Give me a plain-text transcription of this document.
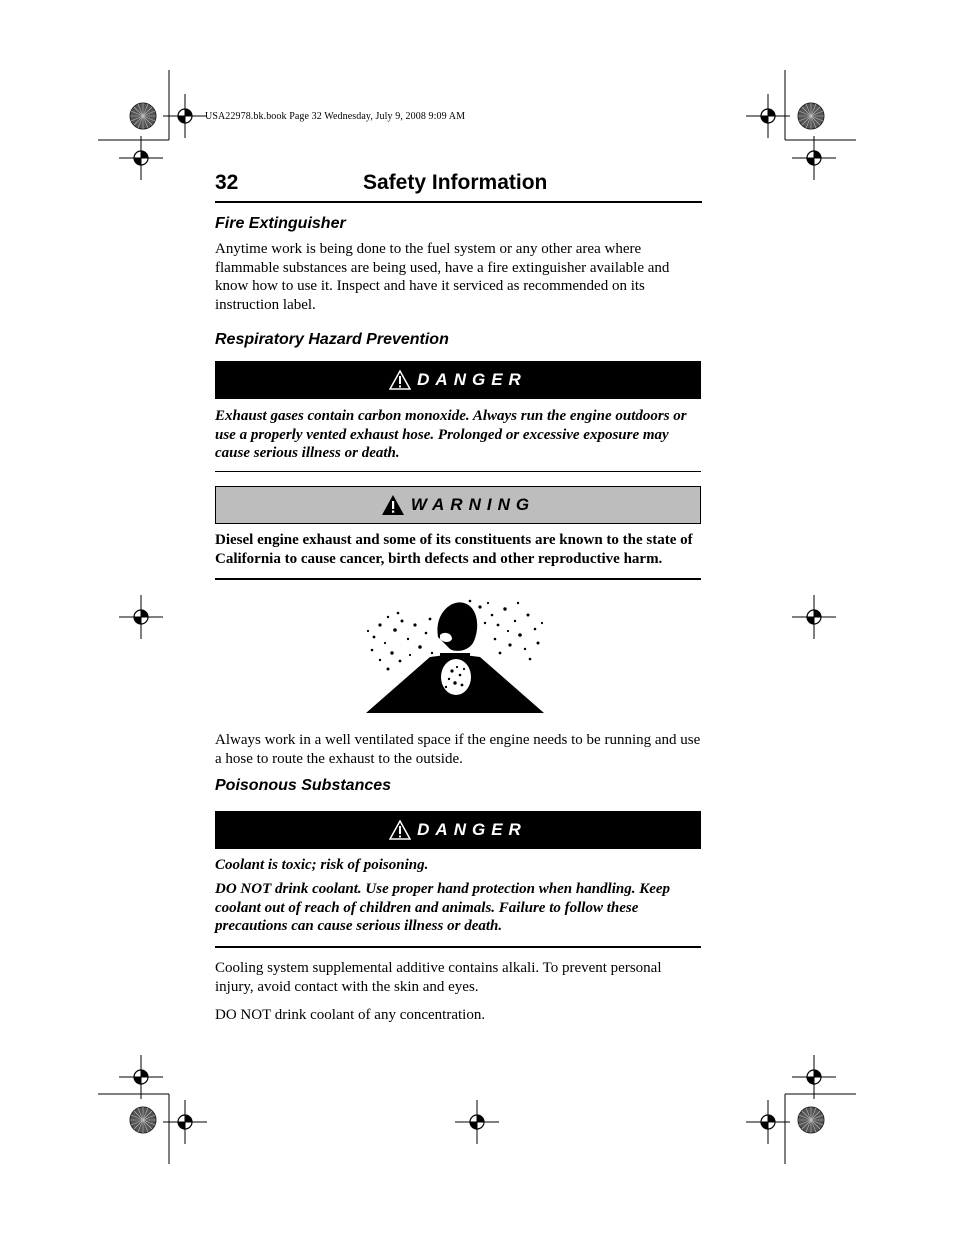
USA22978.bk.book Page 32 Wednesday, July 9, 2008 9:09 AM
32	Safety Information
Fire Extinguisher
Anytime work is being done to the fuel system or any other area where flammable substances are being used, have a fire extinguisher available and know how to use it. Inspect and have it serviced as recommended on its instruction label.
Respiratory Hazard Prevention
DANGER
Exhaust gases contain carbon monoxide. Always run the engine outdoors or use a properly vented exhaust hose. Prolonged or excessive exposure may cause serious illness or death.
WARNING
Diesel engine exhaust and some of its constituents are known to the state of California to cause cancer, birth defects and other reproductive harm.
Always work in a well ventilated space if the engine needs to be running and use a hose to route the exhaust to the outside.
Poisonous Substances
DANGER
Coolant is toxic; risk of poisoning.
DO NOT drink coolant. Use proper hand protection when handling. Keep coolant out of reach of children and animals. Failure to follow these precautions can cause serious illness or death.
Cooling system supplemental additive contains alkali. To prevent personal injury, avoid contact with the skin and eyes.
DO NOT drink coolant of any concentration.
